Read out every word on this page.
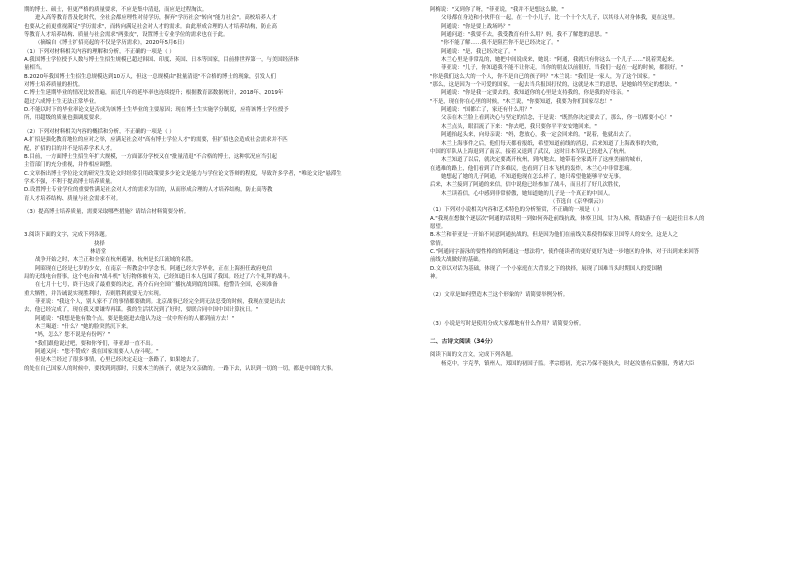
期的博士、硕士，但更严格的质量要求，不应是集中清退，而应是过程淘汰。
进入高等教育普及化时代，全社会都应理性对待学历，摒弃"学历社会"转向"能力社会"。高校培养人才
也要从之前更重视满足"学历需求"，而转向满足社会对人才的需求。由此形成合理的人才培养结构，防止高
等教育人才培养结构、质量与社会需求"两张皮"，设置博士专业学位的需求也在于此。
（摘编自《博士扩招亮起的不仅是学历需求》，2020年5月6日）
（1）下列对材料相关内容的理解和分析，不正确的一项是（ ）
A.我国博士学位授予人数与博士生招生规模已超过韩国、印度、英国、日本等国家，目前排世界第一，与美国经济体
量相当。
B.2020年我国博士生招生总规模达到10万人，但这一总规模由"批量清退"不合格的博士的现象，引发人们
对博士培养质量的担忧。
C.博士生延期毕业的情况比较普遍，而近几年的延毕率也连续提升；根据教育部数据统计，2018年、2019年
超过六成博士生无法正常毕业。
D.不能以时下的毕业率论文是否成为该博士生毕业的主要原因；现在博士生实施学分制度，应将该博士学位授予
所，用超级的质量也强调度要求。
（2）下列对材料相关内容的概括和分析，不正确的一项是（ ）
A.扩招是强化教育地位的应对之举，应满足社会对"高有博士学位人才"的需要，但扩招也会造成社会需求并不匹
配，扩招的目的并不是培养学术人才。
B.目前，一方面博士生招生年扩大规模，一方面部分学校又在"批量清退"不合格的博士，这种状况应当引起
主管部门的充分重视，并作相应调整。
C.文章指出博士学位论文的研究生发论文时经常引用政策要多少论文是能力与学位论文答辩的程度，导致许多学者，"唯论文论"悬滞生
学术不强，不利于提高博士培养质量。
D.设置博士专业学位的重要性满足社会对人才的需求为目的，从而形成合理的人才培养结构，防止高等教
育人才培养结构、质量与社会需求不对。
（3）提高博士培养质量，需要采取哪些措施？请结合材料简要分析。
3.阅读下面的文字，完成下列各题。
抉择
林语堂
战争开始之时，木兰正和全家在杭州避暑，杭州是长江流域的名胜。
阿昭现在已经是七岁的少女，在南京一所教会中学念书。阿通已经大学毕业，正在上海担任政府电信
局的无线电台督事，这个电台和"战斗机"飞行物体被有关，已经知道日本人包围了我国。经过了六个礼拜的战斗。
在七月十七号，終于达成了最重要的决定，蒋介石向全国广播抗战到底的国策。他警告全国，必须准备
重大牺牲，并告诫说实现胜利时，否则胜利就要无力实现。
菲亚说："我这个人，别人家不了的事情都要做到。北京战事已经完全到无法忍受的时候，我现在要是出去
去，他已经完成了，现在我又要谦卑再谋。我的生活状况到了好时，要联合同中国中国计算抗日。"
阿通说："我想是他有数个点，要是他能进去他认为这一仗中所有的人都到前方去！"
木兰喝道："什么？"她的脸突然沉下来。
"妈，怎么？您不说是有份吗？"
"我们跟他说过吧，要和你爷们，菲亚却一直不出。
阿通又问："您不赞成？我在国家需要人人奋斗呢。"
但是木兰经过了很多事情，心里已经决定走这一条路了，如果她去了。
的处在自己国家人的时候中，要找到到那时，只要木兰的孩子，就是为父亲做的。一路下去，认识到一切的一切，都是中国的大事。
阿梅说："又到你了呀，"菲亚说，"我并不是想这么做。"
父母都在身边和小伙伴在一起，在一个小儿子，比一个十个大儿子，以其母人对身体我，更在这里。
阿通说："你是要上战场吗？"
阿通问道："我要不去，我受教育有什么用？妈，我不了解您的意思。"
"你不能了解……我不是阻拦你不是已经决定了。"
阿通说："是，我已经决定了。"
木兰心里是非常乱的，她把中间说成来，她说："阿通，我就只有你这么一个儿子……"说着哭起来。
菲亚说："儿子，你知道我不能不让你走，当你的朋友以前很好，当我们一起在一起的时候，都很好。"
"你是我们这么大的一个人，你不是自已的孩子吗？"木兰说："我们是一家人，为了这个国家。"
"那么，这是因为一个可爱的国家，一起去当兵报国打仗的，这就是木兰的意思，是她始终坚定的想法。"
阿通说："你是我一定要去的，我知道你的心里是支持我的，你是我的好母亲。"
"不是，现在你在心里的时候，"木兰说，"你要知道，我要为你们国家尽忠！"
阿通说："国都亡了，家还有什么用？"
父亲在木兰脸上看到决心与坚定的信念，于是说："既然你决定要去了，那么，你一切都要小心！"
木兰点头，眼泪流了下来："你去吧，我只要你平平安安地回来。"
阿通抬起头来，向母亲说："妈，您放心，我一定会回来的。"说着，他就出去了。
木兰上海事件之后，他们每天都看报纸，希望知道前线的消息，后来知道了上海战事的失败，
中国的军队从上海退到了南京，接着又退到了武汉，这时日本军队已经进入了杭州。
木兰知道了以后，就决定要离开杭州，到内地去，她带着全家离开了这座美丽的城市，
在逃难的路上，他们看到了许多难民，也看到了日本飞机的轰炸，木兰心中非常悲痛。
她想起了她的儿子阿通，不知道他现在怎么样了，她只希望他能够平安无事。
后来，木兰接到了阿通的来信，信中说他已经参加了战斗，而且打了好几次胜仗，
木兰读着信，心中感到非常骄傲，她知道她的儿子是一个真正的中国人。
（节选自《京华烟云》）
（1）下列对小说相关内容和艺术特色的分析鉴赏，不正确的一项是（ ）
A."我现在想做个逐层次"阿通的话说明一到如何奔赴前线抗战，体察卫国，甘为人梯，帮助游子在一起赶往日本人的
愿望。
B.木兰和菲亚是一开始不同意阿通抗战的，但是因为他们在前线关系使得保家卫国等人的安全，这是人之
常情。
C."阿通同字游泳的要性格的的阿通这一想法将"，使作能读者的更好更好为进一步地区的身体，对于出到来来回答
前线大战做好的基础。
D.文章以对话为基础，体现了一个小家庭在大背景之下的抉择，展现了国难当头时期国人的爱国精
神。
（2）文章是如何塑造木兰这个形象的？请简要举例分析。
（3）小说是写时是使用分成大家都地有什么作用？请简要分析。
二、古诗文阅读（34分）
阅读下面的文言文，完成下列各题。
杨克中，字克孝，镇州人，郑国的初国子监。孝宗德初，光宗乃保不能执夫，时赵汝愚有后驱服，秀诸大臣
